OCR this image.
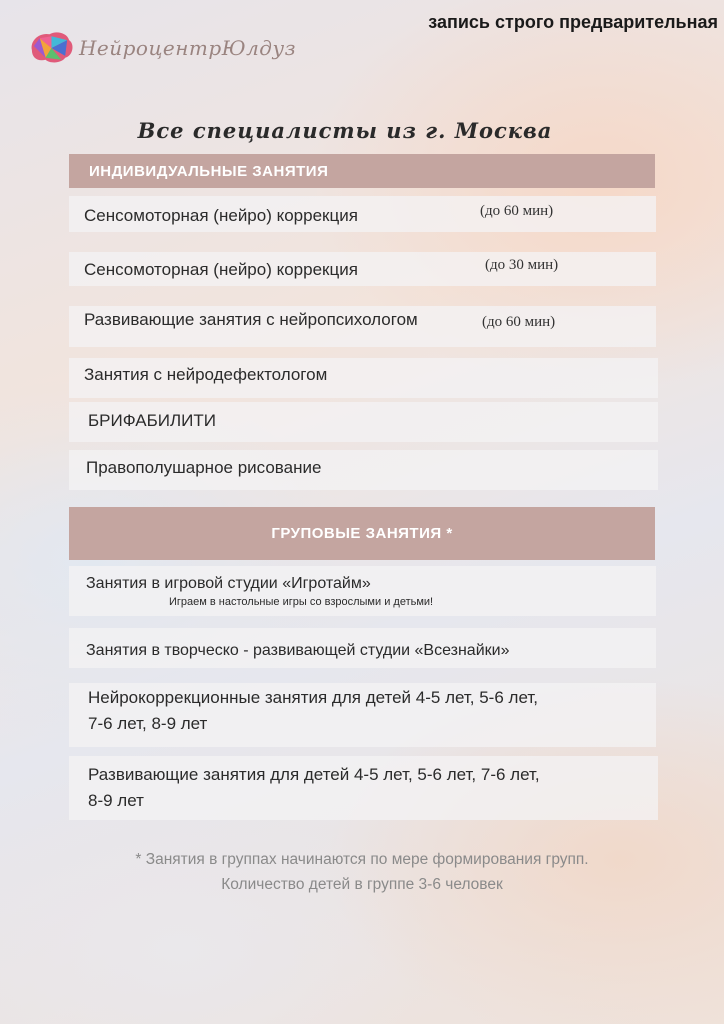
НейроцентрЮлдуз
запись строго предварительная
Все специалисты из г. Москва
ИНДИВИДУАЛЬНЫЕ ЗАНЯТИЯ
Сенсомоторная (нейро) коррекция	(до 60 мин)
Сенсомоторная (нейро) коррекция	(до 30 мин)
Развивающие занятия с нейропсихологом	(до 60 мин)
Занятия с нейродефектологом
БРИФАБИЛИТИ
Правополушарное рисование
ГРУПОВЫЕ ЗАНЯТИЯ *
Занятия в игровой студии «Игротайм»
Играем в настольные игры со взрослыми и детьми!
Занятия в творческо - развивающей студии «Всезнайки»
Нейрокоррекционные занятия для детей 4-5 лет, 5-6 лет,
7-6 лет, 8-9 лет
Развивающие занятия для детей 4-5 лет, 5-6 лет, 7-6 лет,
8-9 лет
* Занятия в группах начинаются по мере формирования групп.
Количество детей в группе 3-6 человек
